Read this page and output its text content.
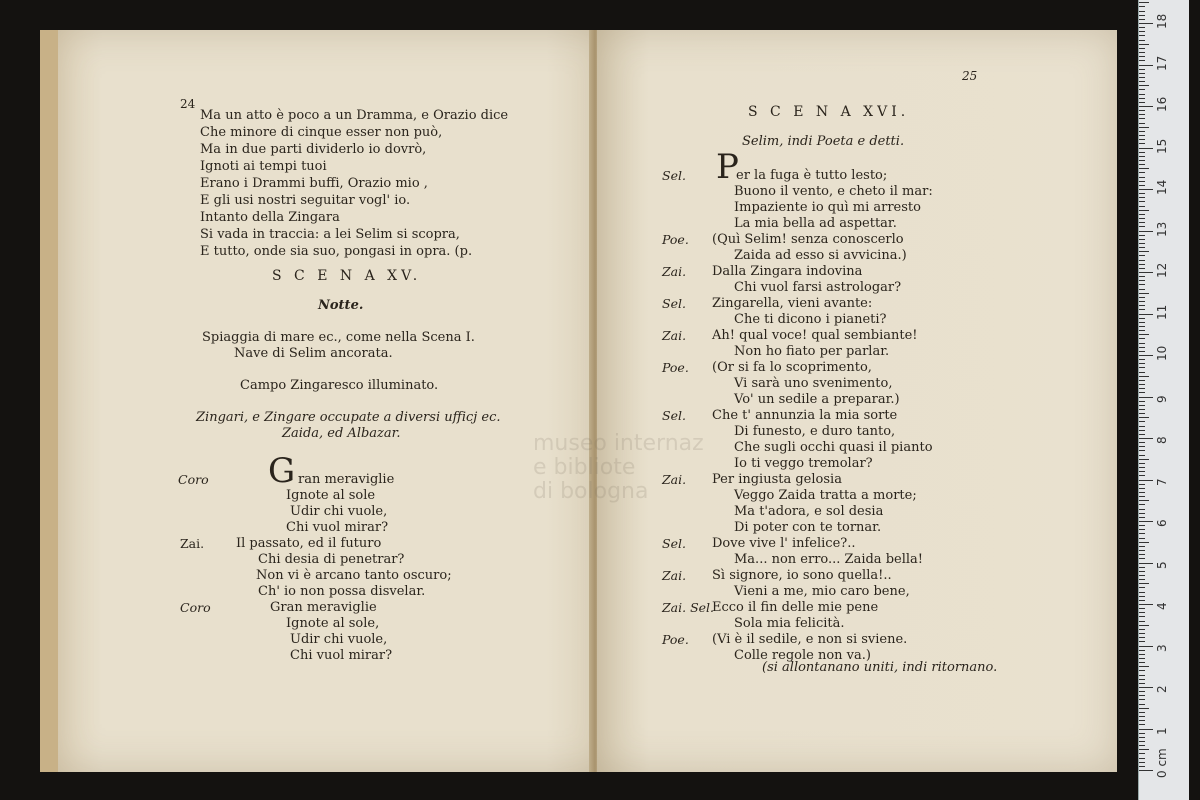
museo internaz
e bibliote
di bologna
24
Ma un atto è poco a un Dramma, e Orazio dice
Che minore di cinque esser non può,
Ma in due parti dividerlo io dovrò,
Ignoti ai tempi tuoi
Erano i Drammi buffi, Orazio mio ,
E gli usi nostri seguitar vogl' io.
Intanto della Zingara
Si vada in traccia: a lei Selim si scopra,
E tutto, onde sia suo, pongasi in opra. (p.
S C E N A XV.
Notte.
Spiaggia di mare ec., come nella Scena I.
Nave di Selim ancorata.
Campo Zingaresco illuminato.
Zingari, e Zingare occupate a diversi ufficj ec.
Zaida, ed Albazar.
Coro G ran meraviglie
Ignote al sole
Udir chi vuole,
Chi vuol mirar?
Zai. Il passato, ed il futuro
Chi desia di penetrar?
Non vi è arcano tanto oscuro;
Ch' io non possa disvelar.
Coro	Gran meraviglie
Ignote al sole,
Udir chi vuole,
Chi vuol mirar?
25
S C E N A XVI.
Selim, indi Poeta e detti.
Sel.	er la fuga è tutto lesto;
Buono il vento, e cheto il mar:
Impaziente io quì mi arresto
La mia bella ad aspettar.
Poe. (Quì Selim! senza conoscerlo
Zaida ad esso si avvicina.)
Zai. Dalla Zingara indovina
Chi vuol farsi astrologar?
Sel. Zingarella, vieni avante:
Che ti dicono i pianeti?
Zai. Ah! qual voce! qual sembiante!
Non ho fiato per parlar.
Poe. (Or si fa lo scoprimento,
Vi sarà uno svenimento,
Vo' un sedile a preparar.)
Sel. Che t' annunzia la mia sorte
Di funesto, e duro tanto,
Che sugli occhi quasi il pianto
Io ti veggo tremolar?
Zai. Per ingiusta gelosia
Veggo Zaida tratta a morte;
Ma t'adora, e sol desia
Di poter con te tornar.
Sel. Dove vive l' infelice?..
Ma... non erro... Zaida bella!
Zai. Sì signore, io sono quella!..
Vieni a me, mio caro bene,
Zai. Sel.
Ecco il fin delle mie pene
Sola mia felicità.
Poe. (Vi è il sedile, e non si sviene.
Colle regole non va.)
P
(si allontanano uniti, indi ritornano.
0 cm
1
2
3
4
5
6
7
8
9
10
11
12
13
14
15
16
17
18
